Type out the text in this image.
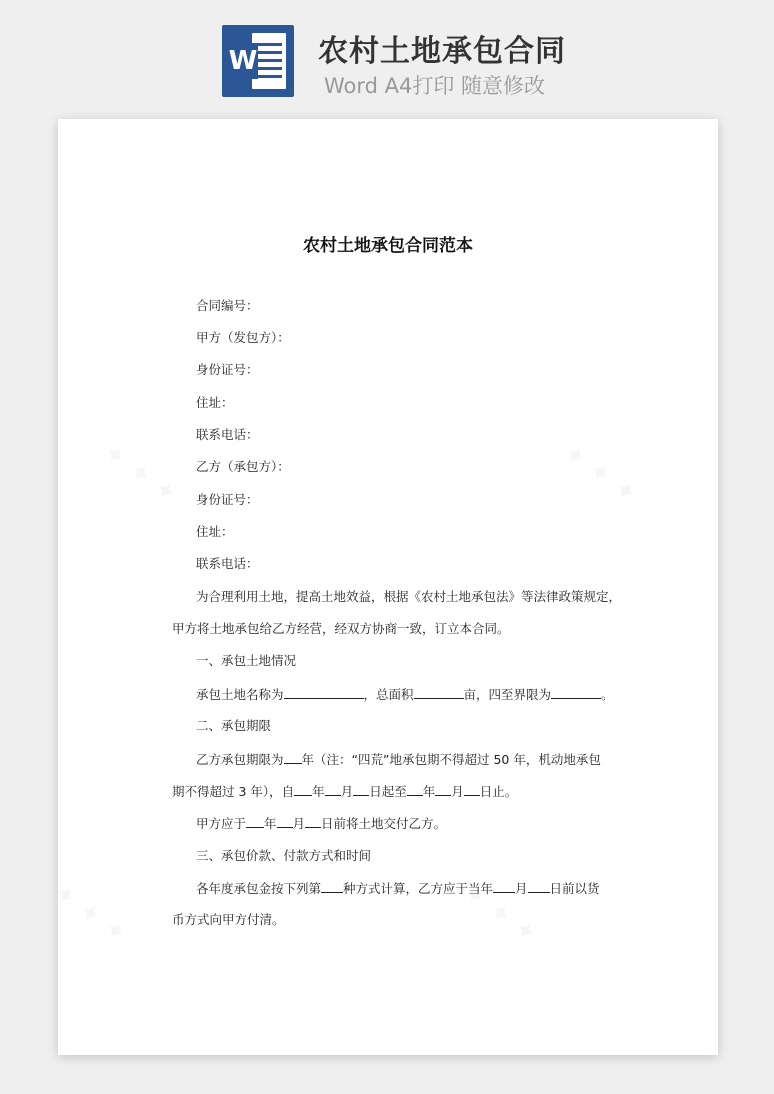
W 农村土地承包合同
Word A4打印 随意修改
农村土地承包合同范本
合同编号：
甲方（发包方）：
身份证号：
住址：
联系电话：
乙方（承包方）：
身份证号：
住址：
联系电话：
为合理利用土地，提高土地效益，根据《农村土地承包法》等法律政策规定，
甲方将土地承包给乙方经营，经双方协商一致，订立本合同。
一、承包土地情况
承包土地名称为	，总面积	亩，四至界限为	。
二、承包期限
乙方承包期限为 年（注：“四荒”地承包期不得超过 50 年，机动地承包
期不得超过 3 年），自 年 月 日起至 年 月 日止。
甲方应于 年 月 日前将土地交付乙方。
三、承包价款、付款方式和时间
各年度承包金按下列第 种方式计算，乙方应于当年 月 日前以货
币方式向甲方付清。
